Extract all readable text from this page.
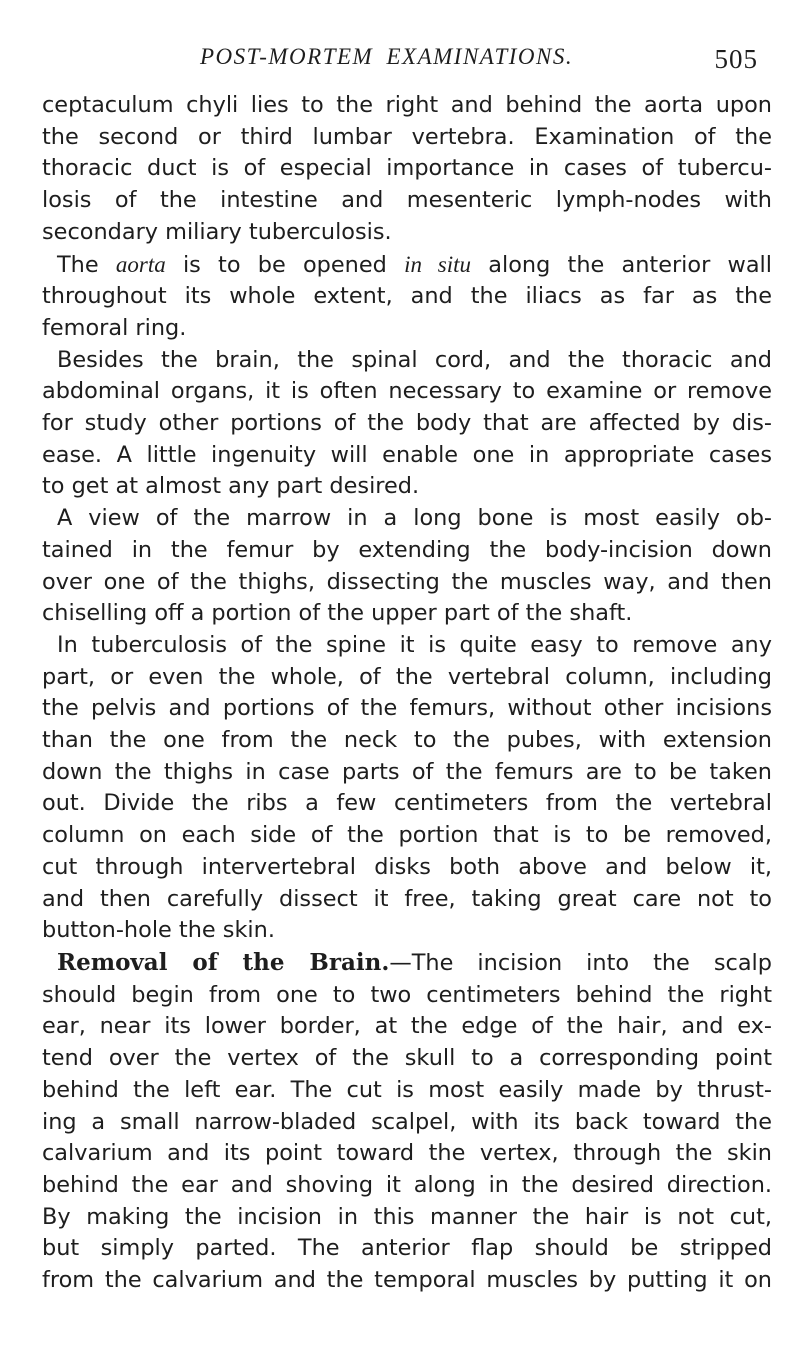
POST-MORTEM EXAMINATIONS.	505
ceptaculum chyli lies to the right and behind the aorta upon
the second or third lumbar vertebra. Examination of the
thoracic duct is of especial importance in cases of tubercu-
losis of the intestine and mesenteric lymph-nodes with
secondary miliary tuberculosis.
The aorta is to be opened in situ along the anterior wall
throughout its whole extent, and the iliacs as far as the
femoral ring.
Besides the brain, the spinal cord, and the thoracic and
abdominal organs, it is often necessary to examine or remove
for study other portions of the body that are affected by dis-
ease. A little ingenuity will enable one in appropriate cases
to get at almost any part desired.
A view of the marrow in a long bone is most easily ob-
tained in the femur by extending the body-incision down
over one of the thighs, dissecting the muscles way, and then
chiselling off a portion of the upper part of the shaft.
In tuberculosis of the spine it is quite easy to remove any
part, or even the whole, of the vertebral column, including
the pelvis and portions of the femurs, without other incisions
than the one from the neck to the pubes, with extension
down the thighs in case parts of the femurs are to be taken
out. Divide the ribs a few centimeters from the vertebral
column on each side of the portion that is to be removed,
cut through intervertebral disks both above and below it,
and then carefully dissect it free, taking great care not to
button-hole the skin.
Removal of the Brain.—The incision into the scalp
should begin from one to two centimeters behind the right
ear, near its lower border, at the edge of the hair, and ex-
tend over the vertex of the skull to a corresponding point
behind the left ear. The cut is most easily made by thrust-
ing a small narrow-bladed scalpel, with its back toward the
calvarium and its point toward the vertex, through the skin
behind the ear and shoving it along in the desired direction.
By making the incision in this manner the hair is not cut,
but simply parted. The anterior flap should be stripped
from the calvarium and the temporal muscles by putting it on
